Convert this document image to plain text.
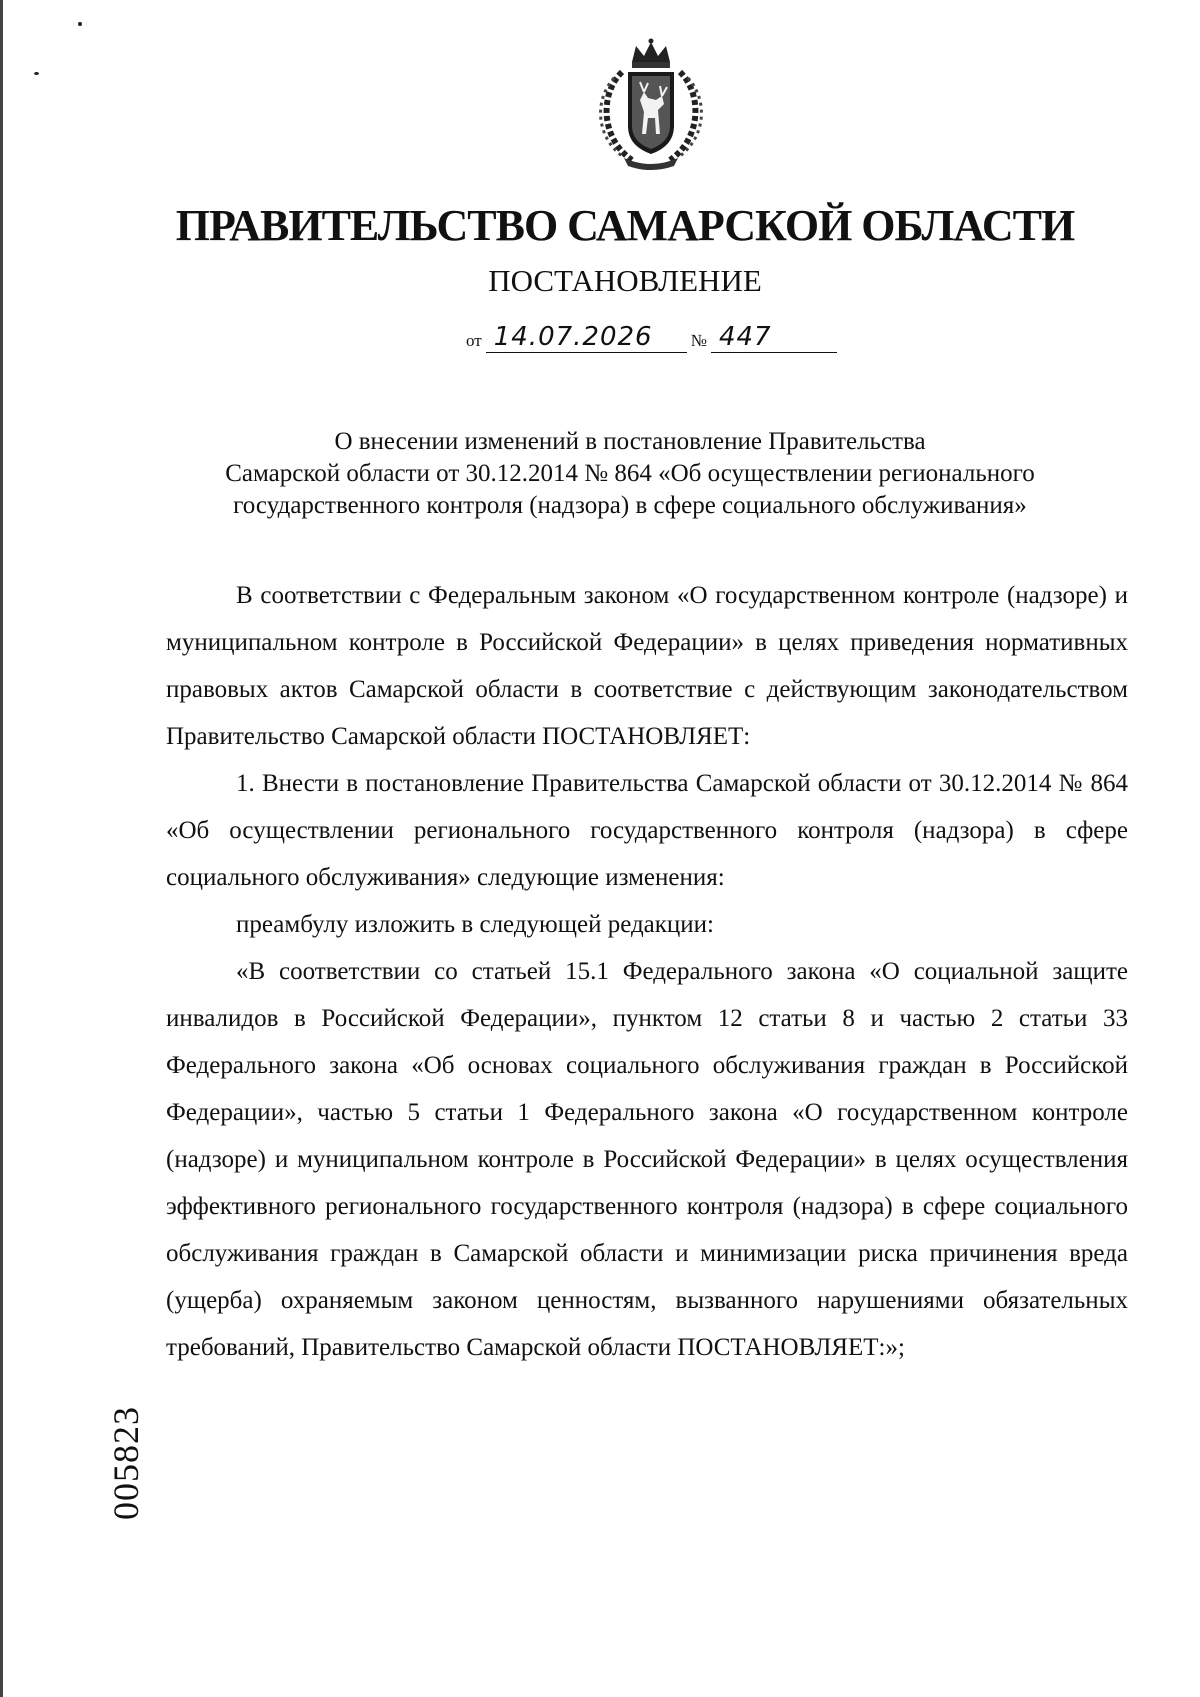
ПРАВИТЕЛЬСТВО САМАРСКОЙ ОБЛАСТИ
ПОСТАНОВЛЕНИЕ
от 14.07.2026	№ 447
О внесении изменений в постановление Правительства
Самарской области от 30.12.2014 № 864 «Об осуществлении регионального
государственного контроля (надзора) в сфере социального обслуживания»

В соответствии с Федеральным законом «О государственном контроле (надзоре) и муниципальном контроле в Российской Федерации» в целях приведения нормативных правовых актов Самарской области в соответствие с действующим законодательством Правительство Самарской области ПОСТАНОВЛЯЕТ:

1. Внести в постановление Правительства Самарской области от 30.12.2014 № 864 «Об осуществлении регионального государственного контроля (надзора) в сфере социального обслуживания» следующие изменения:

преамбулу изложить в следующей редакции:

«В соответствии со статьей 15.1 Федерального закона «О социальной защите инвалидов в Российской Федерации», пунктом 12 статьи 8 и частью 2 статьи 33 Федерального закона «Об основах социального обслуживания граждан в Российской Федерации», частью 5 статьи 1 Федерального закона «О государственном контроле (надзоре) и муниципальном контроле в Российской Федерации» в целях осуществления эффективного регионального государственного контроля (надзора) в сфере социального обслуживания граждан в Самарской области и минимизации риска причинения вреда (ущерба) охраняемым законом ценностям, вызванного нарушениями обязательных требований, Правительство Самарской области ПОСТАНОВЛЯЕТ:»;

005823
